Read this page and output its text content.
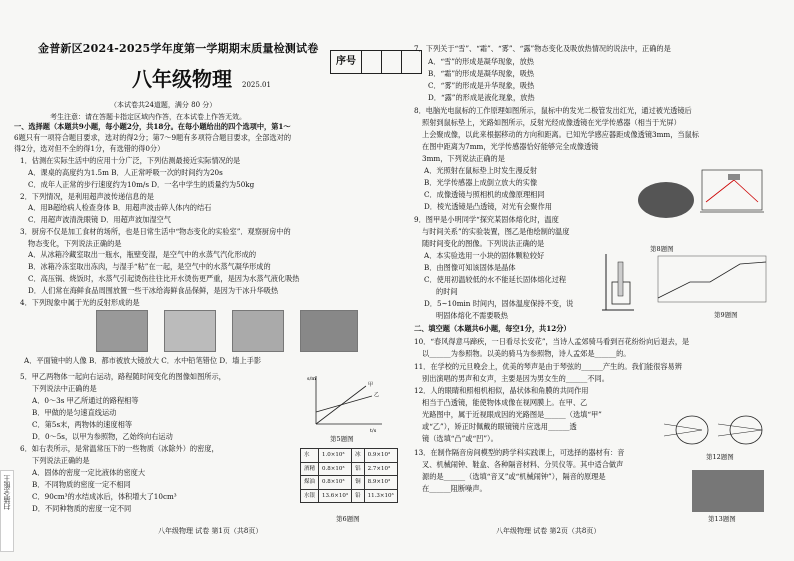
金普新区2024-2025学年度第一学期期末质量检测试卷
序号
八年级物理 2025.01
（本试卷共24道题，满分 80 分）
考生注意：请在答题卡指定区域内作答，在本试卷上作答无效。
一、选择题（本题共9小题，每小题2分，共18分。在每小题给出的四个选项中，第1～
6题只有一项符合题目要求，选对的得2分；第7～9题有多项符合题目要求，全部选对的
得2分，选对但不全的得1分，有选错的得0分）
1．估测在实际生活中的应用十分广泛，下列估测最接近实际情况的是
A．课桌的高度约为1.5m B．人正常呼吸一次的时间约为20s
C．成年人正常的步行速度约为10m/s D．一名中学生的质量约为50kg
2．下列情况，是利用超声波传递信息的是
A．用B超给病人检查身体 B．用超声波击碎人体内的结石
C．用超声波清洗眼镜 D．用超声波加湿空气
3．厨房不仅是加工食材的场所，也是日常生活中“物态变化的实验室”．观察厨房中的
物态变化，下列说法正确的是
A．从冰箱冷藏室取出一瓶水，瓶壁变湿，是空气中的水蒸气汽化形成的
B．冰箱冷冻室取出冻肉，与湿手“粘”在一起，是空气中的水蒸气凝华形成的
C．高压锅、烧饭时，水蒸气引起烫伤往往比开水烫伤更严重，是因为水蒸气液化吸热
D．人们常在海鲜食品周围放置一些干冰给海鲜食品保鲜，是因为干冰升华吸热
4．下列现象中属于光的反射形成的是
A．平面镜中的人像 B．都市被放大镜放大 C．水中铅笔错位 D．墙上手影
5．甲乙两物体一起向右运动，路程随时间变化的图像如图所示，
下列说法中正确的是
A．0～3s 甲乙所通过的路程相等
B．甲做的是匀速直线运动
C．第5s末，两物体的速度相等
D．0～5s，以甲为参照物，乙始终向右运动
6．如右表所示，是常温常压下的一些物质（冰除外）的密度，
下列说法正确的是
A．固体的密度一定比液体的密度大
B．不同物质的密度一定不相同
C．90cm³的水结成冰后，体积增大了10cm³
D．不同种物质的密度一定不同
s/m
t/s
甲
乙
第5题图
水	1.0×10³	冰	0.9×10³
酒精	0.8×10³	铝	2.7×10³
煤油	0.8×10³	铜	8.9×10³
水银	13.6×10³	铅	11.3×10³
第6题图
八年级物理 试卷 第1页（共8页）
扫描全能王
7．下列关于“雪”、“霜”、“雾”、“露”物态变化及吸放热情况的说法中，正确的是
A．“雪”的形成是凝华现象，放热
B．“霜”的形成是凝华现象，吸热
C．“雾”的形成是升华现象，吸热
D．“露”的形成是液化现象，放热
8．电脑光电鼠标的工作原理如图所示，鼠标中的发光二极管发出红光，通过被光透镜后
照射到鼠标垫上，光路如图所示，反射光经成像透镜在光学传感器（相当于光屏）
上会聚成像，以此来根据移动的方向和距离。已知光学感应器距成像透镜3mm，当鼠标
在图中距离为7mm，光学传感器恰好能够完全成像透镜
3mm，下列说法正确的是
A．光照射在鼠标垫上时发生漫反射
B．光学传感器上成倒立放大的实像
C．成像透镜与照相机的成像原理相同
D．棱光透镜是凸透镜，对光有会聚作用
9．图甲是小明同学“探究某固体熔化时，温度
与时间关系”的实验装置，图乙是他绘制的温度
随时间变化的图像。下列说法正确的是
A．本实验选用一小块的固体颗粒较好
B．由图像可知该固体是晶体
C．使用初温较低的水不能延长固体熔化过程
的时间
D．5~10min 时间内，固体温度保持不变，说
明固体熔化不需要吸热
二、填空题（本题共6小题，每空1分，共12分）
10．“春风得意马蹄疾，一日看尽长安花”，当诗人孟郊骑马看到百花纷纷向后退去，是
以______为参照物。以美的骑马为参照物，诗人孟郊是______的。
11．在学校的元旦晚会上，优美的琴声是由于琴弦的______产生的。我们能很容易辨
别出演唱的男声和女声，主要是因为男女生的______不同。
12．人的眼睛和照相机相似，晶状体和角膜的共同作用
相当于凸透镜，能使物体成像在视网膜上。在甲、乙
光路图中，属于近视眼成因的光路图是______（选填“甲”
或“乙”），矫正时佩戴的眼镜镜片应选用______透
镜（选填“凸”或“凹”）。
13．在制作隔音房间模型的跨学科实践课上，可选择的器材有：音
叉、机械闹钟、鞋盒、各种隔音材料、分贝仪等。其中适合做声
源的是______（选填“音叉”或“机械闹钟”），隔音的原理是
在______阻断噪声。
第8题图
第9题图
第12题图
第13题图
八年级物理 试卷 第2页（共8页）
